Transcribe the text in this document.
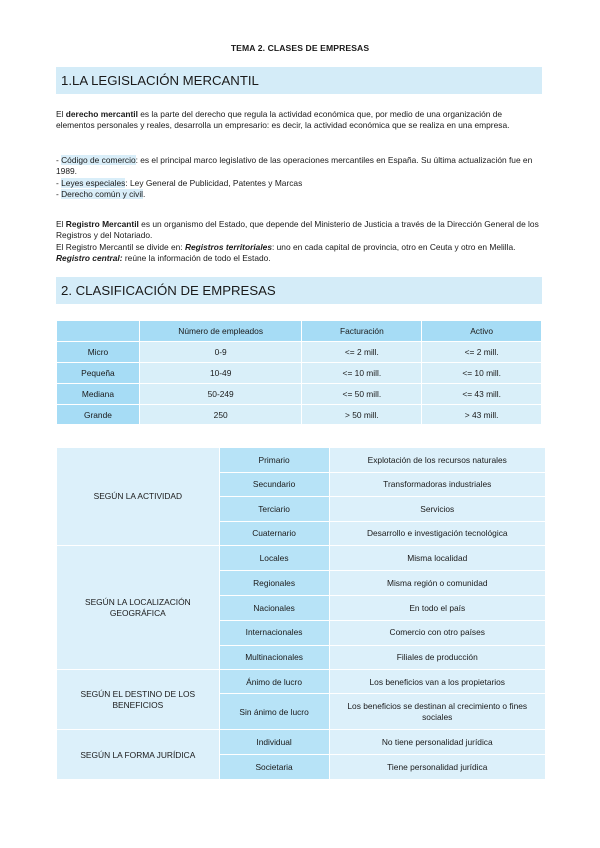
TEMA 2. CLASES DE EMPRESAS
1.LA LEGISLACIÓN MERCANTIL

El derecho mercantil es la parte del derecho que regula la actividad económica que, por medio de una organización de elementos personales y reales, desarrolla un empresario: es decir, la actividad económica que se realiza en una empresa.

- Código de comercio: es el principal marco legislativo de las operaciones mercantiles en España. Su última actualización fue en 1989.
- Leyes especiales: Ley General de Publicidad, Patentes y Marcas
- Derecho común y civil.
El Registro Mercantil es un organismo del Estado, que depende del Ministerio de Justicia a través de la Dirección General de los Registros y del Notariado.
El Registro Mercantil se divide en: Registros territoriales: uno en cada capital de provincia, otro en Ceuta y otro en Melilla. Registro central: reúne la información de todo el Estado.
2. CLASIFICACIÓN DE EMPRESAS
	Número de empleados	Facturación	Activo
Micro	0-9	<= 2 mill.	<= 2 mill.
Pequeña	10-49	<= 10 mill.	<= 10 mill.
Mediana	50-249	<= 50 mill.	<= 43 mill.
Grande	250	> 50 mill.	> 43 mill.
SEGÚN LA ACTIVIDAD	Primario	Explotación de los recursos naturales
	Secundario	Transformadoras industriales
	Terciario	Servicios
	Cuaternario	Desarrollo e investigación tecnológica
SEGÚN LA LOCALIZACIÓN GEOGRÁFICA	Locales	Misma localidad
	Regionales	Misma región o comunidad
	Nacionales	En todo el país
	Internacionales	Comercio con otro países
	Multinacionales	Filiales de producción
SEGÚN EL DESTINO DE LOS BENEFICIOS	Ánimo de lucro	Los beneficios van a los propietarios
	Sin ánimo de lucro	Los beneficios se destinan al crecimiento o fines sociales
SEGÚN LA FORMA JURÍDICA	Individual	No tiene personalidad jurídica
	Societaria	Tiene personalidad jurídica
